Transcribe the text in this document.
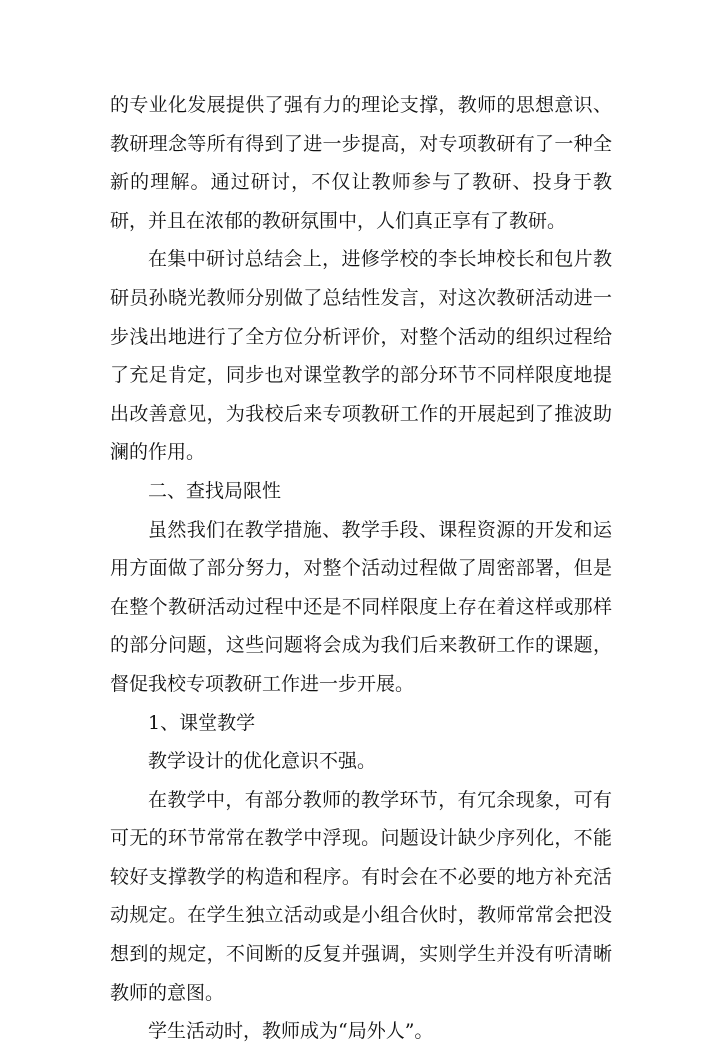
的专业化发展提供了强有力的理论支撑，教师的思想意识、教研理念等所有得到了进一步提高，对专项教研有了一种全新的理解。通过研讨，不仅让教师参与了教研、投身于教研，并且在浓郁的教研氛围中，人们真正享有了教研。

在集中研讨总结会上，进修学校的李长坤校长和包片教研员孙晓光教师分别做了总结性发言，对这次教研活动进一步浅出地进行了全方位分析评价，对整个活动的组织过程给了充足肯定，同步也对课堂教学的部分环节不同样限度地提出改善意见，为我校后来专项教研工作的开展起到了推波助澜的作用。

二、查找局限性

虽然我们在教学措施、教学手段、课程资源的开发和运用方面做了部分努力，对整个活动过程做了周密部署，但是在整个教研活动过程中还是不同样限度上存在着这样或那样的部分问题，这些问题将会成为我们后来教研工作的课题，督促我校专项教研工作进一步开展。

1、课堂教学

教学设计的优化意识不强。

在教学中，有部分教师的教学环节，有冗余现象，可有可无的环节常常在教学中浮现。问题设计缺少序列化，不能较好支撑教学的构造和程序。有时会在不必要的地方补充活动规定。在学生独立活动或是小组合伙时，教师常常会把没想到的规定，不间断的反复并强调，实则学生并没有听清晰教师的意图。

学生活动时，教师成为“局外人”。
